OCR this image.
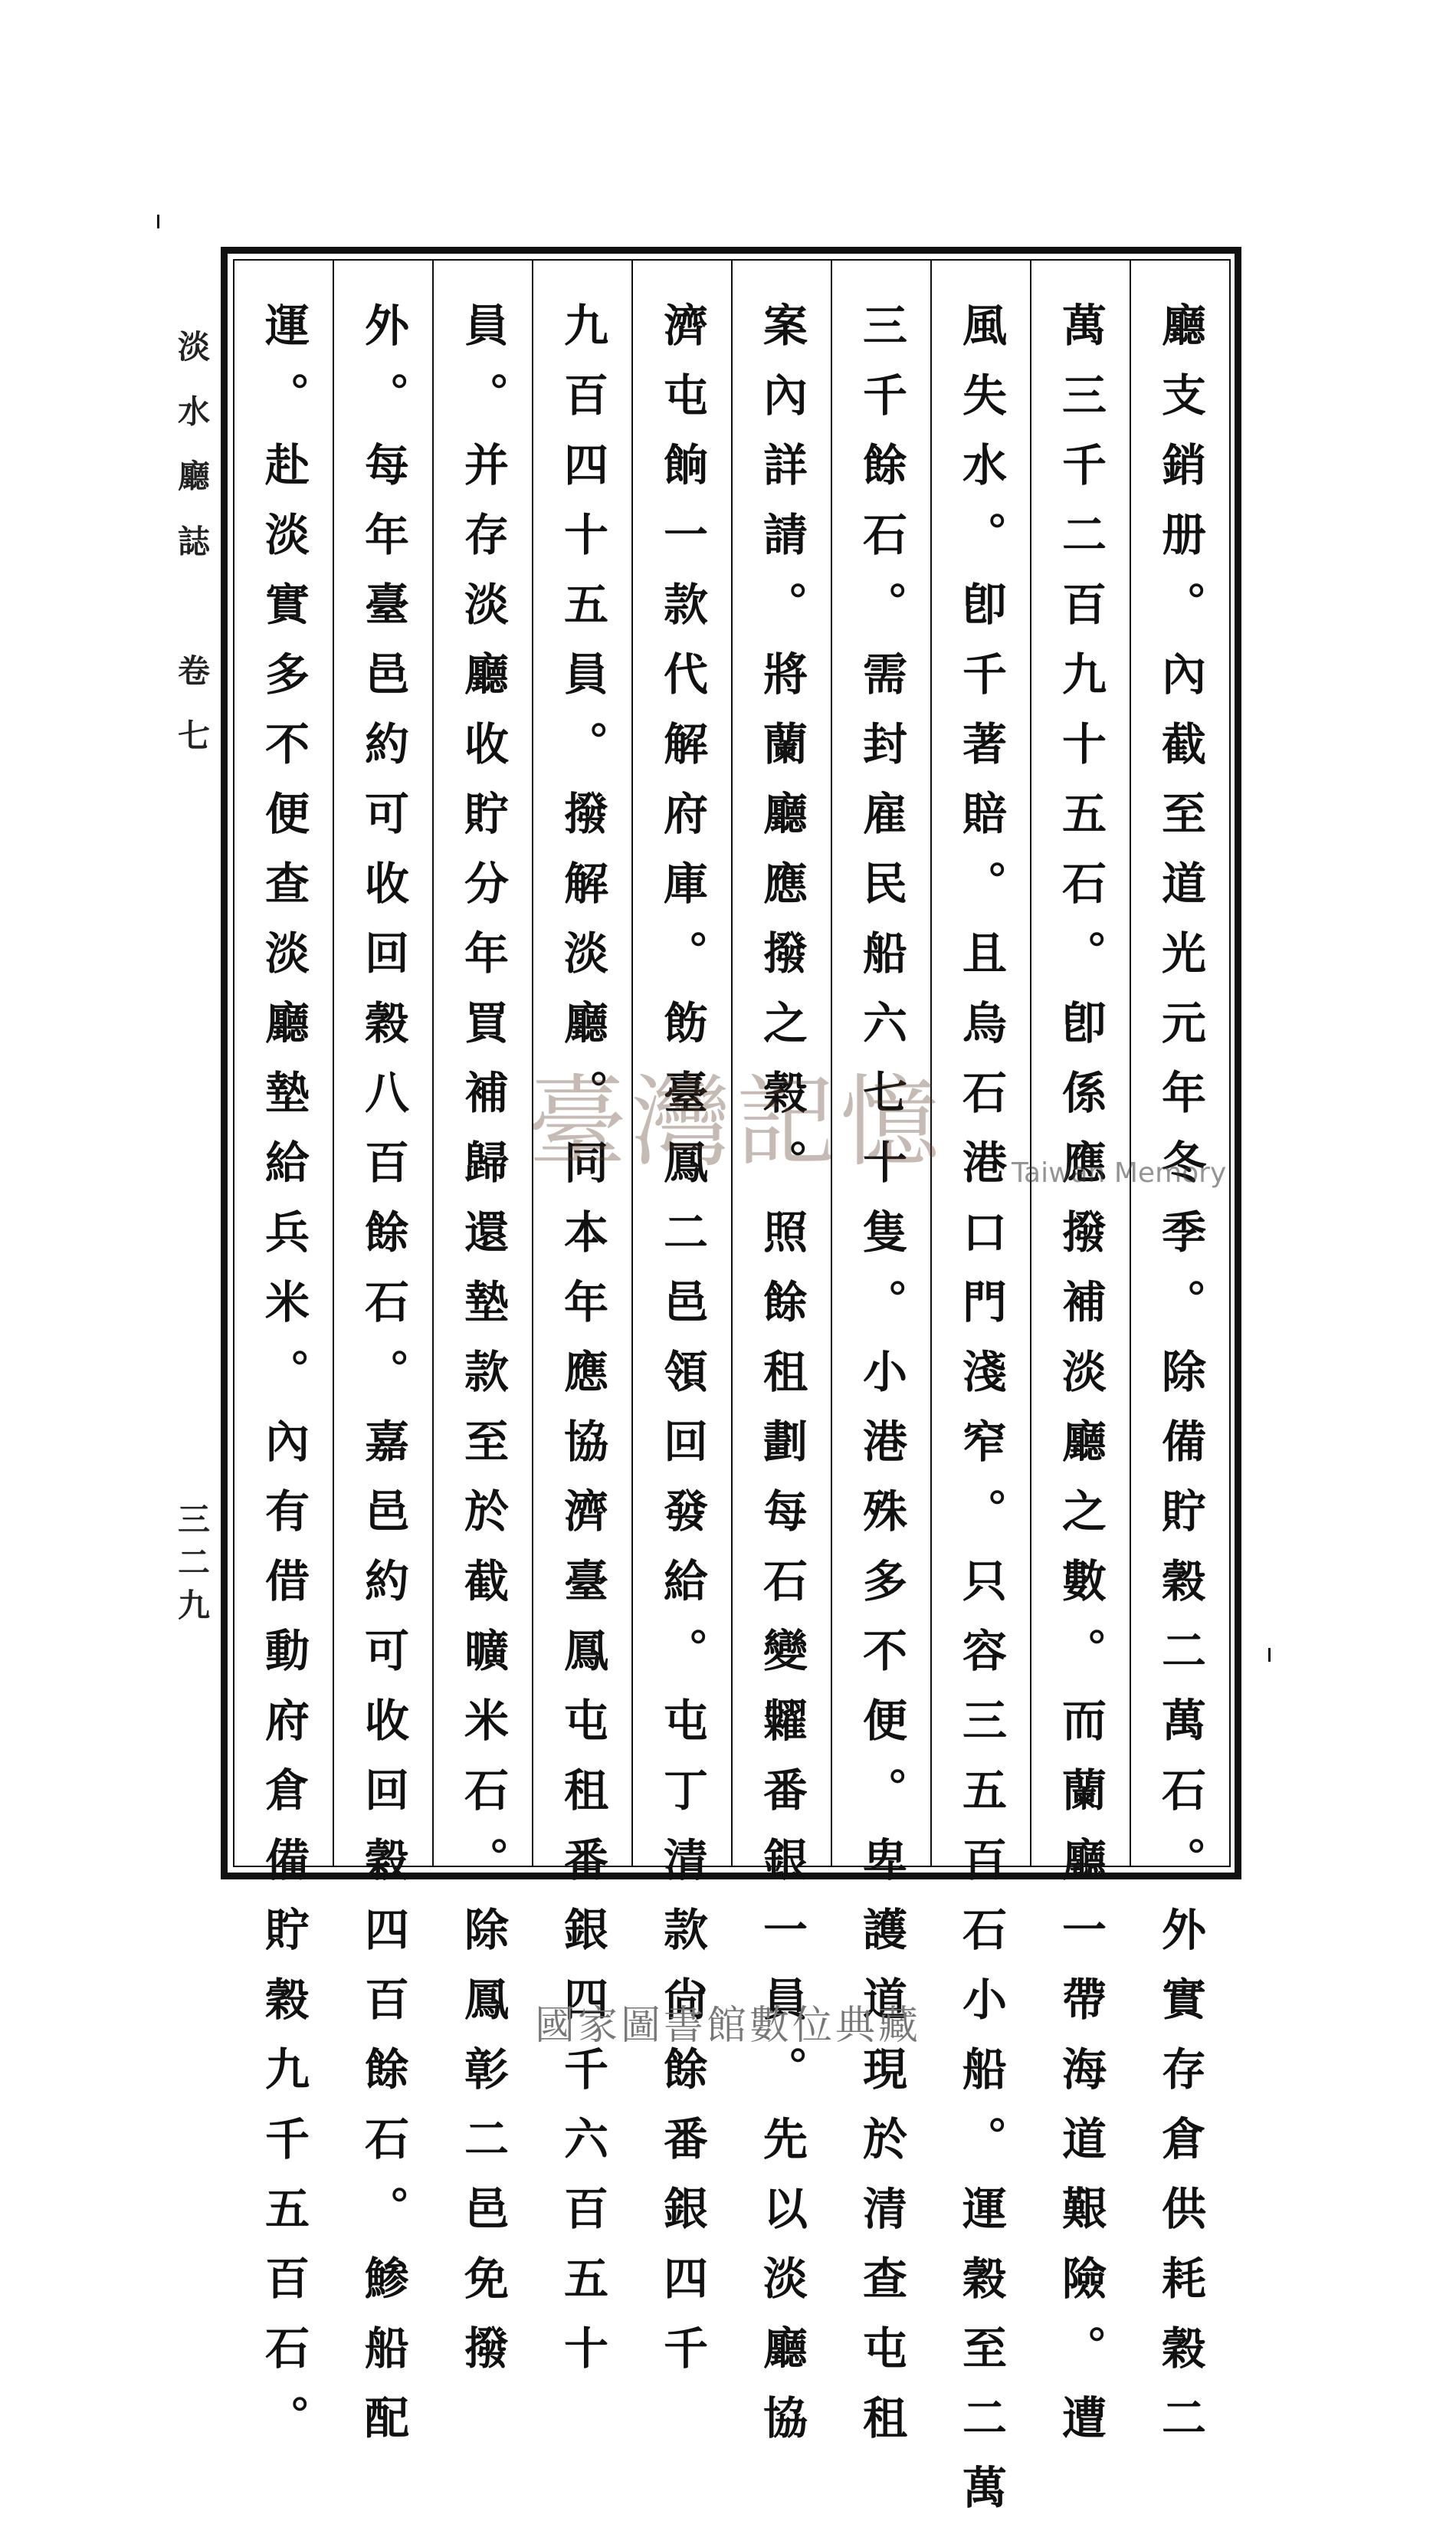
淡 水 廳 誌 　 卷 七
三二九	廳支銷册。內截至道光元年冬季。除備貯穀二萬石。外實存倉供耗穀二
萬三千二百九十五石。卽係應撥補淡廳之數。而蘭廳一帶海道艱險。遭
風失水。卽千著賠。且烏石港口門淺窄。只容三五百石小船。運穀至二萬
三千餘石。需封雇民船六七十隻。小港殊多不便。卑護道現於清查屯租
案內詳請。將蘭廳應撥之穀。照餘租劃每石變糶番銀一員。先以淡廳協
濟屯餉一款代解府庫。飭臺鳳二邑領回發給。屯丁清款尙餘番銀四千
九百四十五員。撥解淡廳。同本年應協濟臺鳳屯租番銀四千六百五十
員。并存淡廳收貯分年買補歸還墊款至於截曠米石。除鳳彰二邑免撥
外。每年臺邑約可收回穀八百餘石。嘉邑約可收回穀四百餘石。鯵船配
運。赴淡實多不便查淡廳墊給兵米。內有借動府倉備貯穀九千五百石。 臺灣記憶 Taiwan Memory
國家圖書館數位典藏
